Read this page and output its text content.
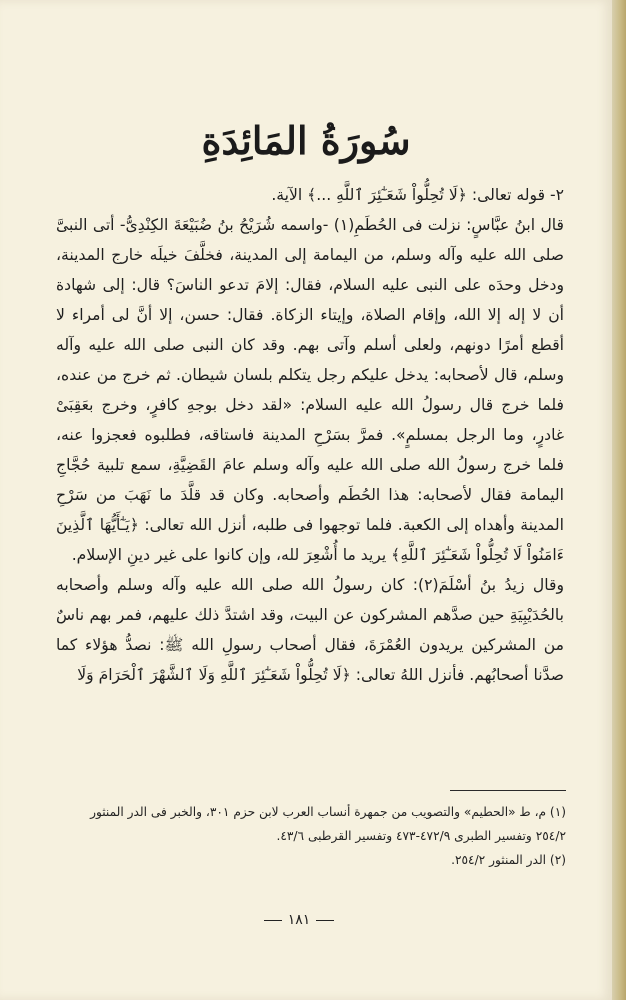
سُورَةُ المَائِدَةِ

٢- قوله تعالى: ﴿لَا تُحِلُّواْ شَعَـٰٓئِرَ ٱللَّهِ ...﴾ الآية.

قال ابنُ عبَّاسٍ: نزلت فى الحُطَمِ(١) -واسمه شُرَيْحُ بنُ ضُبَيْعَةَ الكِنْدِىُّ- أتى النبىَّ صلى الله عليه وآله وسلم، من اليمامة إلى المدينة، فخلَّفَ خيلَه خارج المدينة، ودخل وحدَه على النبى عليه السلام، فقال: إلامَ تدعو الناسَ؟ قال: إلى شهادة أن لا إله إلا الله، وإقام الصلاة، وإيتاء الزكاة. فقال: حسن، إلا أنَّ لى أمراء لا أقطع أمرًا دونهم، ولعلى أسلم وآتى بهم. وقد كان النبى صلى الله عليه وآله وسلم، قال لأصحابه: يدخل عليكم رجل يتكلم بلسان شيطان. ثم خرج من عنده، فلما خرج قال رسولُ الله عليه السلام: «لقد دخل بوجهِ كافرٍ، وخرج بعَقِبَىْ غادرٍ، وما الرجل بمسلمٍ». فمرَّ بسَرْحِ المدينة فاستاقه، فطلبوه فعجزوا عنه، فلما خرج رسولُ الله صلى الله عليه وآله وسلم عامَ القَضِيَّةِ، سمع تلبية حُجَّاجِ اليمامة فقال لأصحابه: هذا الحُطَم وأصحابه. وكان قد قلَّدَ ما نَهَبَ من سَرْحِ المدينة وأهداه إلى الكعبة. فلما توجهوا فى طلبه، أنزل الله تعالى: ﴿يَـٰٓأَيُّهَا ٱلَّذِينَ ءَامَنُواْ لَا تُحِلُّواْ شَعَـٰٓئِرَ ٱللَّهِ﴾ يريد ما أُشْعِرَ لله، وإن كانوا على غير دينِ الإسلام.

وقال زيدُ بنُ أسْلَمَ(٢): كان رسولُ الله صلى الله عليه وآله وسلم وأصحابه بالحُدَيْبِيَةِ حين صدَّهم المشركون عن البيت، وقد اشتدَّ ذلك عليهم، فمر بهم ناسٌ من المشركين يريدون العُمْرَةَ، فقال أصحاب رسولِ الله ﷺ: نصدُّ هؤلاء كما صدَّنا أصحابُهم. فأنزل اللهُ تعالى: ﴿لَا تُحِلُّواْ شَعَـٰٓئِرَ ٱللَّهِ وَلَا ٱلشَّهْرَ ٱلْحَرَامَ وَلَا

(١) م، ط «الحطيم» والتصويب من جمهرة أنساب العرب لابن حزم ٣٠١، والخبر فى الدر المنثور ٢٥٤/٢ وتفسير الطبرى ٤٧٢/٩-٤٧٣ وتفسير القرطبى ٤٣/٦.

(٢) الدر المنثور ٢٥٤/٢.

١٨١
